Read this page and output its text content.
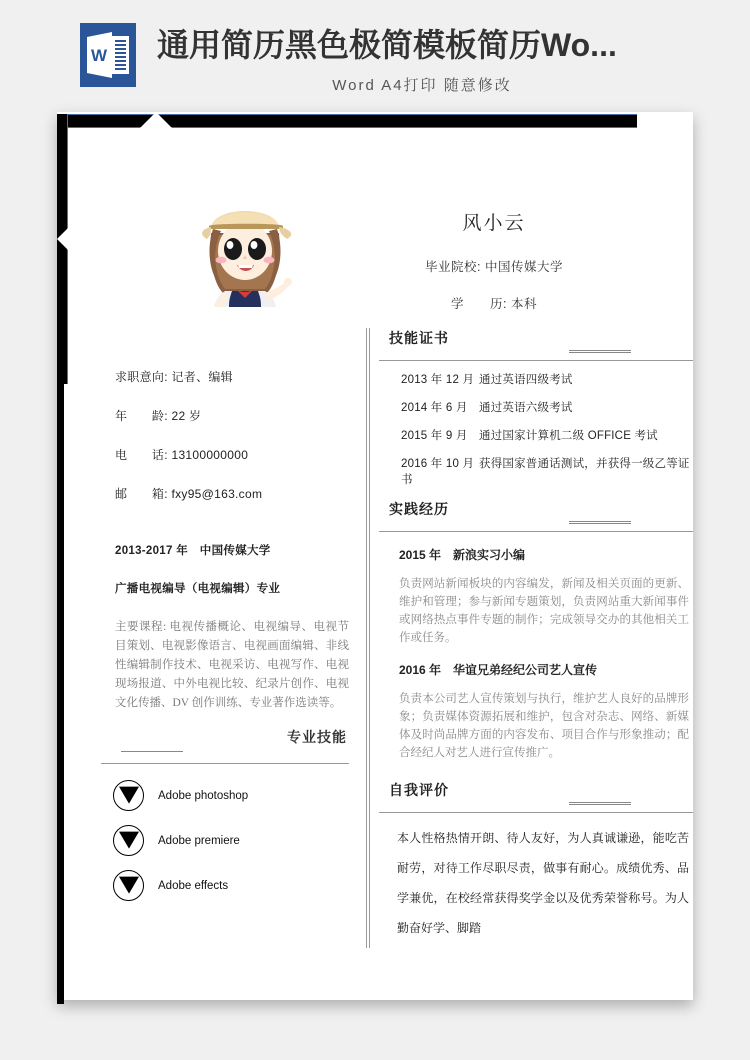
W 通用简历黑色极简模板简历Wo...
Word A4打印 随意修改
风小云
毕业院校: 中国传媒大学
学　　历: 本科
求职意向: 记者、编辑
年　　龄: 22 岁
电　　话: 13100000000
邮　　箱: fxy95@163.com
2013-2017 年　中国传媒大学
广播电视编导（电视编辑）专业
主要课程: 电视传播概论、电视编导、电视节目策划、电视影像语言、电视画面编辑、非线性编辑制作技术、电视采访、电视写作、电视现场报道、中外电视比较、纪录片创作、电视文化传播、DV 创作训练、专业著作选读等。
专业技能
Adobe photoshop
Adobe premiere
Adobe effects
技能证书
2013 年 12 月 通过英语四级考试
2014 年 6 月 通过英语六级考试
2015 年 9 月 通过国家计算机二级 OFFICE 考试
2016 年 10 月 获得国家普通话测试，并获得一级乙等证书
实践经历
2015 年　新浪实习小编
负责网站新闻板块的内容编发，新闻及相关页面的更新、维护和管理；参与新闻专题策划，负责网站重大新闻事件或网络热点事件专题的制作；完成领导交办的其他相关工作或任务。
2016 年　华谊兄弟经纪公司艺人宣传
负责本公司艺人宣传策划与执行，维护艺人良好的品牌形象；负责媒体资源拓展和维护，包含对杂志、网络、新媒体及时尚品牌方面的内容发布、项目合作与形象推动；配合经纪人对艺人进行宣传推广。
自我评价
本人性格热情开朗、待人友好，为人真诚谦逊，能吃苦耐劳，对待工作尽职尽责，做事有耐心。成绩优秀、品学兼优，在校经常获得奖学金以及优秀荣誉称号。为人勤奋好学、脚踏
